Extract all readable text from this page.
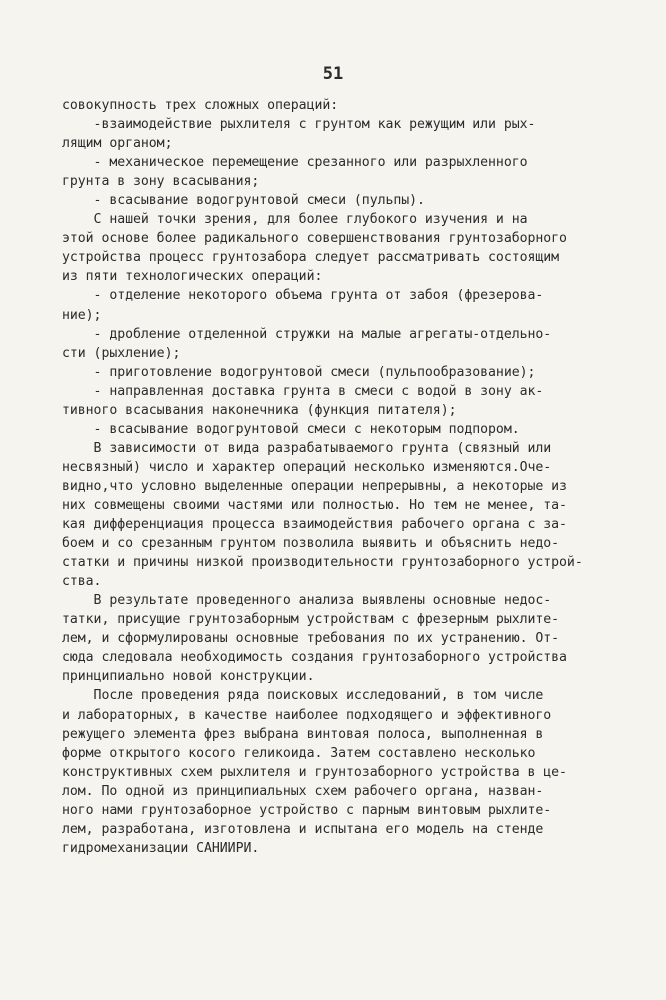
51
совокупность трех сложных операций:
-взаимодействие рыхлителя с грунтом как режущим или рых-
лящим органом;
- механическое перемещение срезанного или разрыхленного
грунта в зону всасывания;
- всасывание водогрунтовой смеси (пульпы).
С нашей точки зрения, для более глубокого изучения и на
этой основе более радикального совершенствования грунтозаборного
устройства процесс грунтозабора следует рассматривать состоящим
из пяти технологических операций:
- отделение некоторого объема грунта от забоя (фрезерова-
ние);
- дробление отделенной стружки на малые агрегаты-отдельно-
сти (рыхление);
- приготовление водогрунтовой смеси (пульпообразование);
- направленная доставка грунта в смеси с водой в зону ак-
тивного всасывания наконечника (функция питателя);
- всасывание водогрунтовой смеси с некоторым подпором.
В зависимости от вида разрабатываемого грунта (связный или
несвязный) число и характер операций несколько изменяются.Оче-
видно,что условно выделенные операции непрерывны, а некоторые из
них совмещены своими частями или полностью. Но тем не менее, та-
кая дифференциация процесса взаимодействия рабочего органа с за-
боем и со срезанным грунтом позволила выявить и объяснить недо-
статки и причины низкой производительности грунтозаборного устрой-
ства.
В результате проведенного анализа выявлены основные недос-
татки, присущие грунтозаборным устройствам с фрезерным рыхлите-
лем, и сформулированы основные требования по их устранению. От-
сюда следовала необходимость создания грунтозаборного устройства
принципиально новой конструкции.
После проведения ряда поисковых исследований, в том числе
и лабораторных, в качестве наиболее подходящего и эффективного
режущего элемента фрез выбрана винтовая полоса, выполненная в
форме открытого косого геликоида. Затем составлено несколько
конструктивных схем рыхлителя и грунтозаборного устройства в це-
лом. По одной из принципиальных схем рабочего органа, назван-
ного нами грунтозаборное устройство с парным винтовым рыхлите-
лем, разработана, изготовлена и испытана его модель на стенде
гидромеханизации САНИИРИ.
